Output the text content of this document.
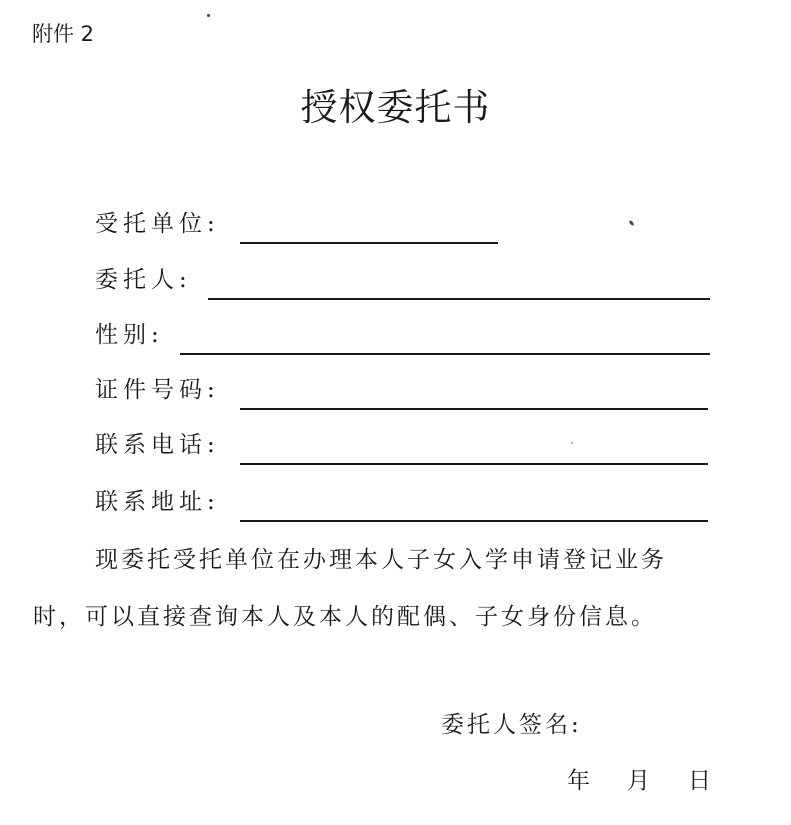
附件 2
授权委托书
受托单位:
委托人:
性别:
证件号码:
联系电话:
联系地址:
现委托受托单位在办理本人子女入学申请登记业务
时，可以直接查询本人及本人的配偶、子女身份信息。
委托人签名:
年 月 日
